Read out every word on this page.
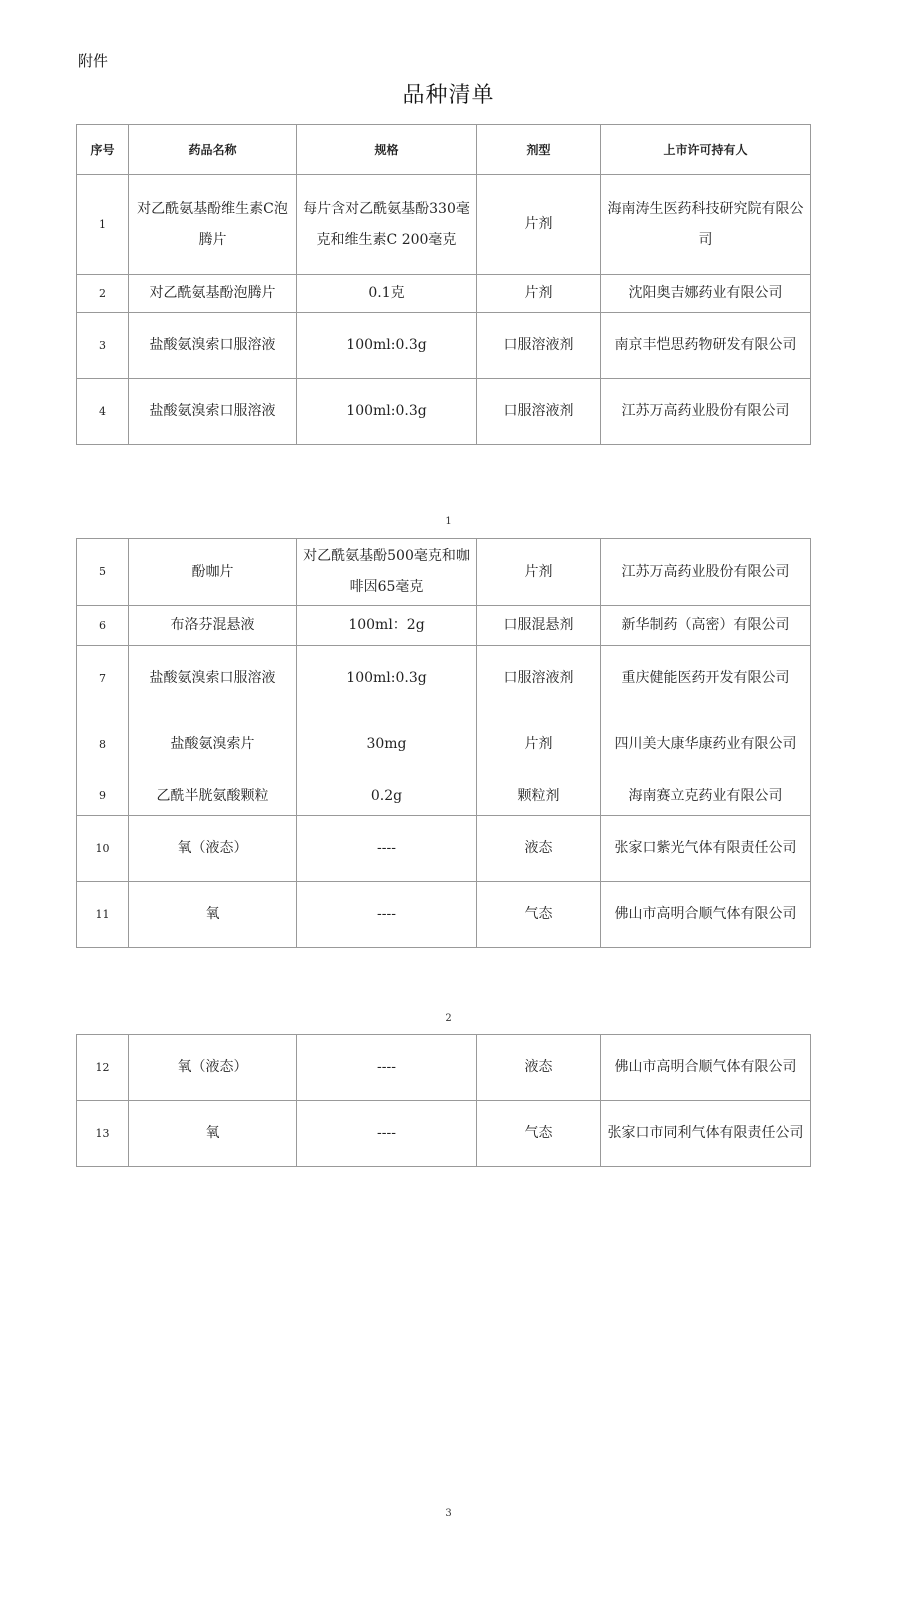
附件
品种清单
序号	药品名称	规格	剂型	上市许可持有人
1	对乙酰氨基酚维生素C泡腾片	每片含对乙酰氨基酚330毫克和维生素C 200毫克	片剂	海南涛生医药科技研究院有限公司
2	对乙酰氨基酚泡腾片	0.1克	片剂	沈阳奥吉娜药业有限公司
3	盐酸氨溴索口服溶液	100ml:0.3g	口服溶液剂	南京丰恺思药物研发有限公司
4	盐酸氨溴索口服溶液	100ml:0.3g	口服溶液剂	江苏万高药业股份有限公司
1
5	酚咖片	对乙酰氨基酚500毫克和咖啡因65毫克	片剂	江苏万高药业股份有限公司
6	布洛芬混悬液	100ml：2g	口服混悬剂	新华制药（高密）有限公司
7	盐酸氨溴索口服溶液	100ml:0.3g	口服溶液剂	重庆健能医药开发有限公司
8	盐酸氨溴索片	30mg	片剂	四川美大康华康药业有限公司
9	乙酰半胱氨酸颗粒	0.2g	颗粒剂	海南赛立克药业有限公司
10	氧（液态）	----	液态	张家口紫光气体有限责任公司
11	氧	----	气态	佛山市高明合顺气体有限公司
2
12	氧（液态）	----	液态	佛山市高明合顺气体有限公司
13	氧	----	气态	张家口市同利气体有限责任公司
3
